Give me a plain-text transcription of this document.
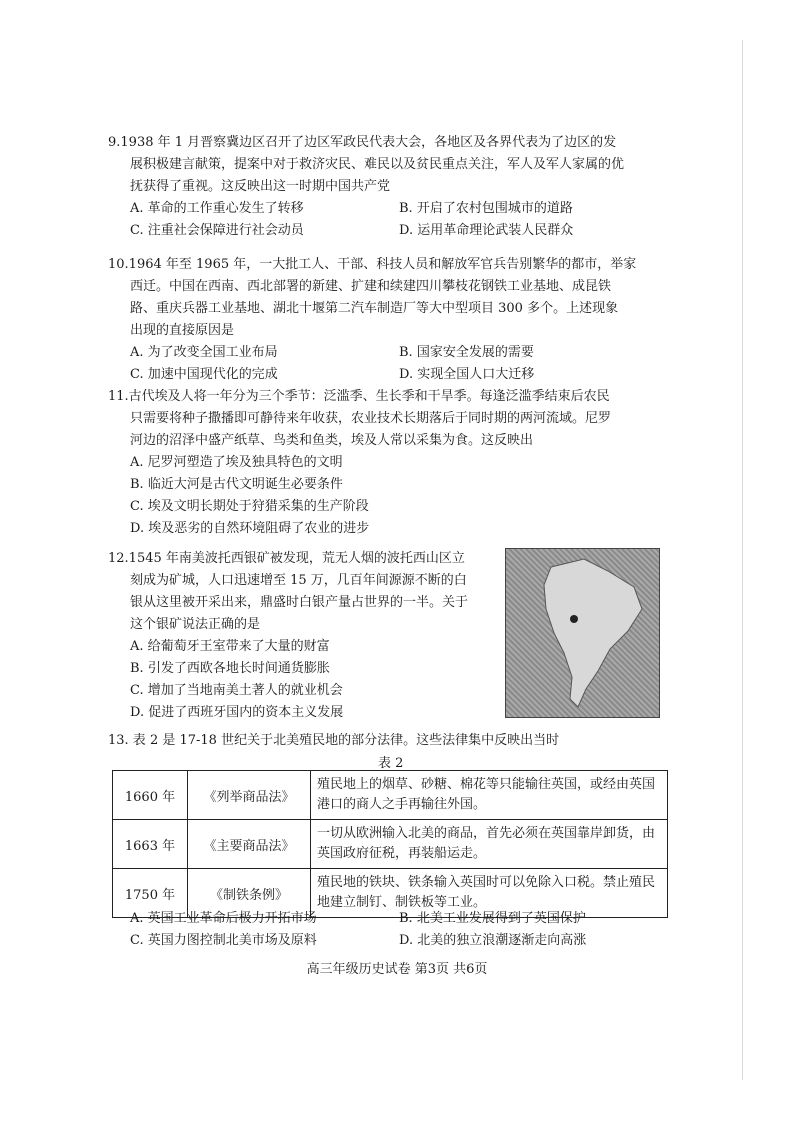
9.1938 年 1 月晋察冀边区召开了边区军政民代表大会，各地区及各界代表为了边区的发
展积极建言献策，提案中对于救济灾民、难民以及贫民重点关注，军人及军人家属的优
抚获得了重视。这反映出这一时期中国共产党
A. 革命的工作重心发生了转移	B. 开启了农村包围城市的道路
C. 注重社会保障进行社会动员	D. 运用革命理论武装人民群众
10.1964 年至 1965 年，一大批工人、干部、科技人员和解放军官兵告别繁华的都市，举家
西迁。中国在西南、西北部署的新建、扩建和续建四川攀枝花钢铁工业基地、成昆铁
路、重庆兵器工业基地、湖北十堰第二汽车制造厂等大中型项目 300 多个。上述现象
出现的直接原因是
A. 为了改变全国工业布局	B. 国家安全发展的需要
C. 加速中国现代化的完成	D. 实现全国人口大迁移
11.古代埃及人将一年分为三个季节：泛滥季、生长季和干旱季。每逢泛滥季结束后农民
只需要将种子撒播即可静待来年收获，农业技术长期落后于同时期的两河流域。尼罗
河边的沼泽中盛产纸草、鸟类和鱼类，埃及人常以采集为食。这反映出
A. 尼罗河塑造了埃及独具特色的文明
B. 临近大河是古代文明诞生必要条件
C. 埃及文明长期处于狩猎采集的生产阶段
D. 埃及恶劣的自然环境阻碍了农业的进步
12.1545 年南美波托西银矿被发现，荒无人烟的波托西山区立
刻成为矿城，人口迅速增至 15 万，几百年间源源不断的白
银从这里被开采出来，鼎盛时白银产量占世界的一半。关于
这个银矿说法正确的是
A. 给葡萄牙王室带来了大量的财富
B. 引发了西欧各地长时间通货膨胀
C. 增加了当地南美土著人的就业机会
D. 促进了西班牙国内的资本主义发展
13. 表 2 是 17-18 世纪关于北美殖民地的部分法律。这些法律集中反映出当时
表 2
1660 年	《列举商品法》	殖民地上的烟草、砂糖、棉花等只能输往英国，或经由英国港口的商人之手再输往外国。
1663 年	《主要商品法》	一切从欧洲输入北美的商品，首先必须在英国靠岸卸货，由英国政府征税，再装船运走。
1750 年	《制铁条例》	殖民地的铁块、铁条输入英国时可以免除入口税。禁止殖民地建立制钉、制铁板等工业。
A. 英国工业革命后极力开拓市场	B. 北美工业发展得到了英国保护
C. 英国力图控制北美市场及原料	D. 北美的独立浪潮逐渐走向高涨
高三年级历史试卷 第3页 共6页
